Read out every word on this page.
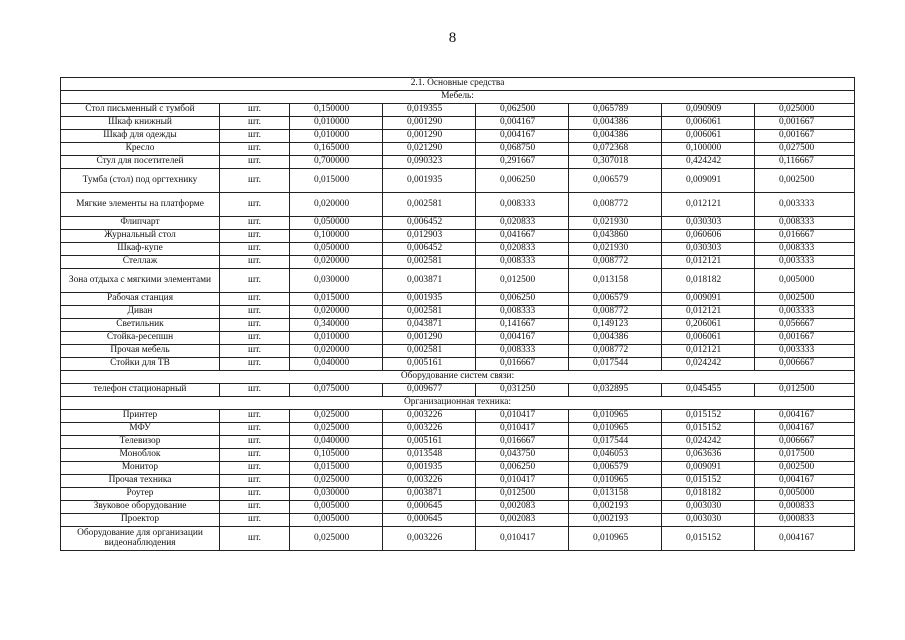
8
2.1. Основные средства							
Мебель:							
Стол письменный с тумбой	шт.	0,150000	0,019355	0,062500	0,065789	0,090909	0,025000
Шкаф книжный	шт.	0,010000	0,001290	0,004167	0,004386	0,006061	0,001667
Шкаф для одежды	шт.	0,010000	0,001290	0,004167	0,004386	0,006061	0,001667
Кресло	шт.	0,165000	0,021290	0,068750	0,072368	0,100000	0,027500
Стул для посетителей	шт.	0,700000	0,090323	0,291667	0,307018	0,424242	0,116667
Тумба (стол) под оргтехнику	шт.	0,015000	0,001935	0,006250	0,006579	0,009091	0,002500
Мягкие элементы на платформе	шт.	0,020000	0,002581	0,008333	0,008772	0,012121	0,003333
Флипчарт	шт.	0,050000	0,006452	0,020833	0,021930	0,030303	0,008333
Журнальный стол	шт.	0,100000	0,012903	0,041667	0,043860	0,060606	0,016667
Шкаф-купе	шт.	0,050000	0,006452	0,020833	0,021930	0,030303	0,008333
Стеллаж	шт.	0,020000	0,002581	0,008333	0,008772	0,012121	0,003333
Зона отдыха с мягкими элементами	шт.	0,030000	0,003871	0,012500	0,013158	0,018182	0,005000
Рабочая станция	шт.	0,015000	0,001935	0,006250	0,006579	0,009091	0,002500
Диван	шт.	0,020000	0,002581	0,008333	0,008772	0,012121	0,003333
Светильник	шт.	0,340000	0,043871	0,141667	0,149123	0,206061	0,056667
Стойка-ресепшн	шт.	0,010000	0,001290	0,004167	0,004386	0,006061	0,001667
Прочая мебель	шт.	0,020000	0,002581	0,008333	0,008772	0,012121	0,003333
Стойки для ТВ	шт.	0,040000	0,005161	0,016667	0,017544	0,024242	0,006667
Оборудование систем связи:							
телефон стационарный	шт.	0,075000	0,009677	0,031250	0,032895	0,045455	0,012500
Организационная техника:							
Принтер	шт.	0,025000	0,003226	0,010417	0,010965	0,015152	0,004167
МФУ	шт.	0,025000	0,003226	0,010417	0,010965	0,015152	0,004167
Телевизор	шт.	0,040000	0,005161	0,016667	0,017544	0,024242	0,006667
Моноблок	шт.	0,105000	0,013548	0,043750	0,046053	0,063636	0,017500
Монитор	шт.	0,015000	0,001935	0,006250	0,006579	0,009091	0,002500
Прочая техника	шт.	0,025000	0,003226	0,010417	0,010965	0,015152	0,004167
Роутер	шт.	0,030000	0,003871	0,012500	0,013158	0,018182	0,005000
Звуковое оборудование	шт.	0,005000	0,000645	0,002083	0,002193	0,003030	0,000833
Проектор	шт.	0,005000	0,000645	0,002083	0,002193	0,003030	0,000833
Оборудование для организации видеонаблюдения	шт.	0,025000	0,003226	0,010417	0,010965	0,015152	0,004167
